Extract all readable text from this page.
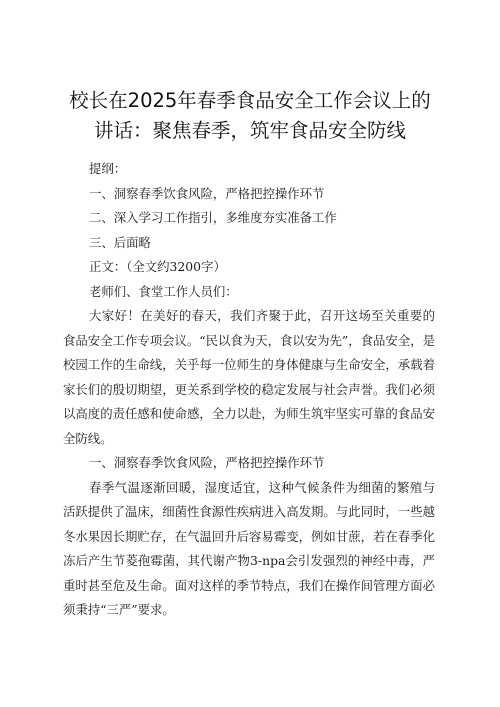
校长在2025年春季食品安全工作会议上的讲话：聚焦春季，筑牢食品安全防线

提纲：

一、洞察春季饮食风险，严格把控操作环节

二、深入学习工作指引，多维度夯实准备工作

三、后面略

正文：（全文约3200字）

老师们、食堂工作人员们：

大家好！在美好的春天，我们齐聚于此，召开这场至关重要的食品安全工作专项会议。“民以食为天，食以安为先”，食品安全，是校园工作的生命线，关乎每一位师生的身体健康与生命安全，承载着家长们的殷切期望，更关系到学校的稳定发展与社会声誉。我们必须以高度的责任感和使命感，全力以赴，为师生筑牢坚实可靠的食品安全防线。

一、洞察春季饮食风险，严格把控操作环节

春季气温逐渐回暖，湿度适宜，这种气候条件为细菌的繁殖与活跃提供了温床，细菌性食源性疾病进入高发期。与此同时，一些越冬水果因长期贮存，在气温回升后容易霉变，例如甘蔗，若在春季化冻后产生节菱孢霉菌，其代谢产物3-npa会引发强烈的神经中毒，严重时甚至危及生命。面对这样的季节特点，我们在操作间管理方面必须秉持“三严”要求。
